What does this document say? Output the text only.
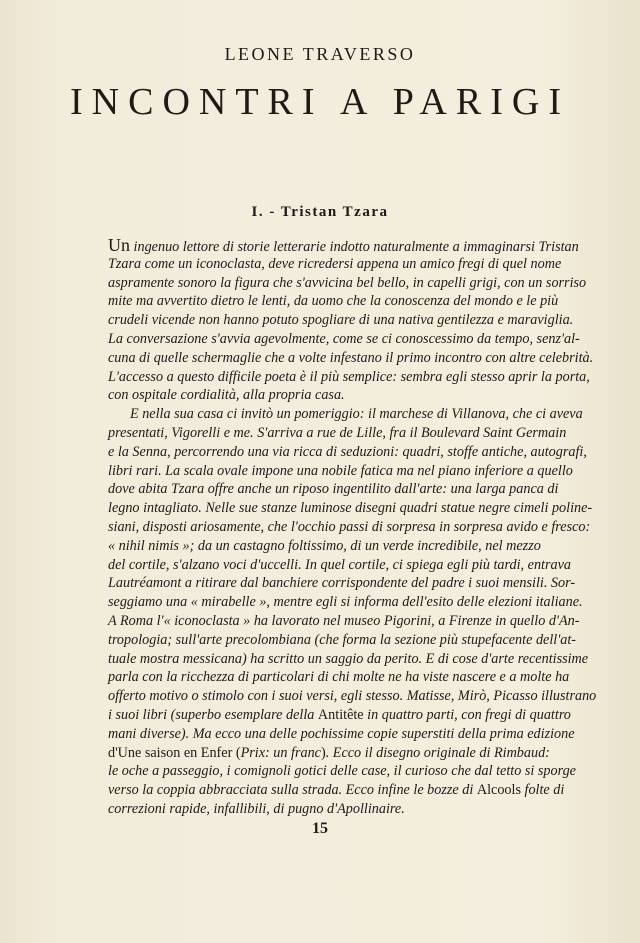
LEONE TRAVERSO
INCONTRI A PARIGI
I. - Tristan Tzara
Un ingenuo lettore di storie letterarie indotto naturalmente a immaginarsi Tristan
Tzara come un iconoclasta, deve ricredersi appena un amico fregi di quel nome
aspramente sonoro la figura che s'avvicina bel bello, in capelli grigi, con un sorriso
mite ma avvertito dietro le lenti, da uomo che la conoscenza del mondo e le più
crudeli vicende non hanno potuto spogliare di una nativa gentilezza e maraviglia.
La conversazione s'avvia agevolmente, come se ci conoscessimo da tempo, senz'al-
cuna di quelle schermaglie che a volte infestano il primo incontro con altre celebrità.
L'accesso a questo difficile poeta è il più semplice: sembra egli stesso aprir la porta,
con ospitale cordialità, alla propria casa.
E nella sua casa ci invitò un pomeriggio: il marchese di Villanova, che ci aveva
presentati, Vigorelli e me. S'arriva a rue de Lille, fra il Boulevard Saint Germain
e la Senna, percorrendo una via ricca di seduzioni: quadri, stoffe antiche, autografi,
libri rari. La scala ovale impone una nobile fatica ma nel piano inferiore a quello
dove abita Tzara offre anche un riposo ingentilito dall'arte: una larga panca di
legno intagliato. Nelle sue stanze luminose disegni quadri statue negre cimeli poline-
siani, disposti ariosamente, che l'occhio passi di sorpresa in sorpresa avido e fresco:
« nihil nimis »; da un castagno foltissimo, di un verde incredibile, nel mezzo
del cortile, s'alzano voci d'uccelli. In quel cortile, ci spiega egli più tardi, entrava
Lautréamont a ritirare dal banchiere corrispondente del padre i suoi mensili. Sor-
seggiamo una « mirabelle », mentre egli si informa dell'esito delle elezioni italiane.
A Roma l'« iconoclasta » ha lavorato nel museo Pigorini, a Firenze in quello d'An-
tropologia; sull'arte precolombiana (che forma la sezione più stupefacente dell'at-
tuale mostra messicana) ha scritto un saggio da perito. E di cose d'arte recentissime
parla con la ricchezza di particolari di chi molte ne ha viste nascere e a molte ha
offerto motivo o stimolo con i suoi versi, egli stesso. Matisse, Mirò, Picasso illustrano
i suoi libri (superbo esemplare della Antitête in quattro parti, con fregi di quattro
mani diverse). Ma ecco una delle pochissime copie superstiti della prima edizione
d'Une saison en Enfer (Prix: un franc). Ecco il disegno originale di Rimbaud:
le oche a passeggio, i comignoli gotici delle case, il curioso che dal tetto si sporge
verso la coppia abbracciata sulla strada. Ecco infine le bozze di Alcools folte di
correzioni rapide, infallibili, di pugno d'Apollinaire.
15
